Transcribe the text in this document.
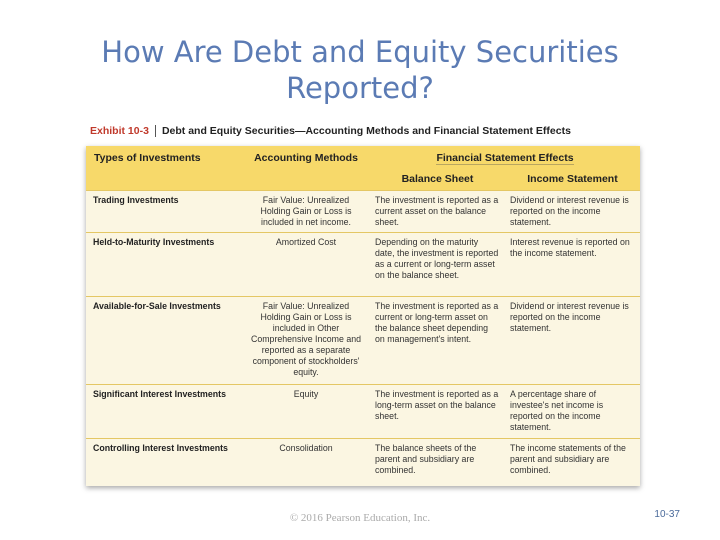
How Are Debt and Equity Securities Reported?
Exhibit 10-3 Debt and Equity Securities—Accounting Methods and Financial Statement Effects
Types of Investments	Accounting Methods	Financial Statement Effects	
		Balance Sheet	Income Statement
Trading Investments	Fair Value: Unrealized Holding Gain or Loss is included in net income.	The investment is reported as a current asset on the balance sheet.	Dividend or interest revenue is reported on the income statement.
Held-to-Maturity Investments	Amortized Cost	Depending on the maturity date, the investment is reported as a current or long-term asset on the balance sheet.	Interest revenue is reported on the income statement.
Available-for-Sale Investments	Fair Value: Unrealized Holding Gain or Loss is included in Other Comprehensive Income and reported as a separate component of stockholders' equity.	The investment is reported as a current or long-term asset on the balance sheet depending on management's intent.	Dividend or interest revenue is reported on the income statement.
Significant Interest Investments	Equity	The investment is reported as a long-term asset on the balance sheet.	A percentage share of investee's net income is reported on the income statement.
Controlling Interest Investments	Consolidation	The balance sheets of the parent and subsidiary are combined.	The income statements of the parent and subsidiary are combined.
© 2016 Pearson Education, Inc.	10-37
